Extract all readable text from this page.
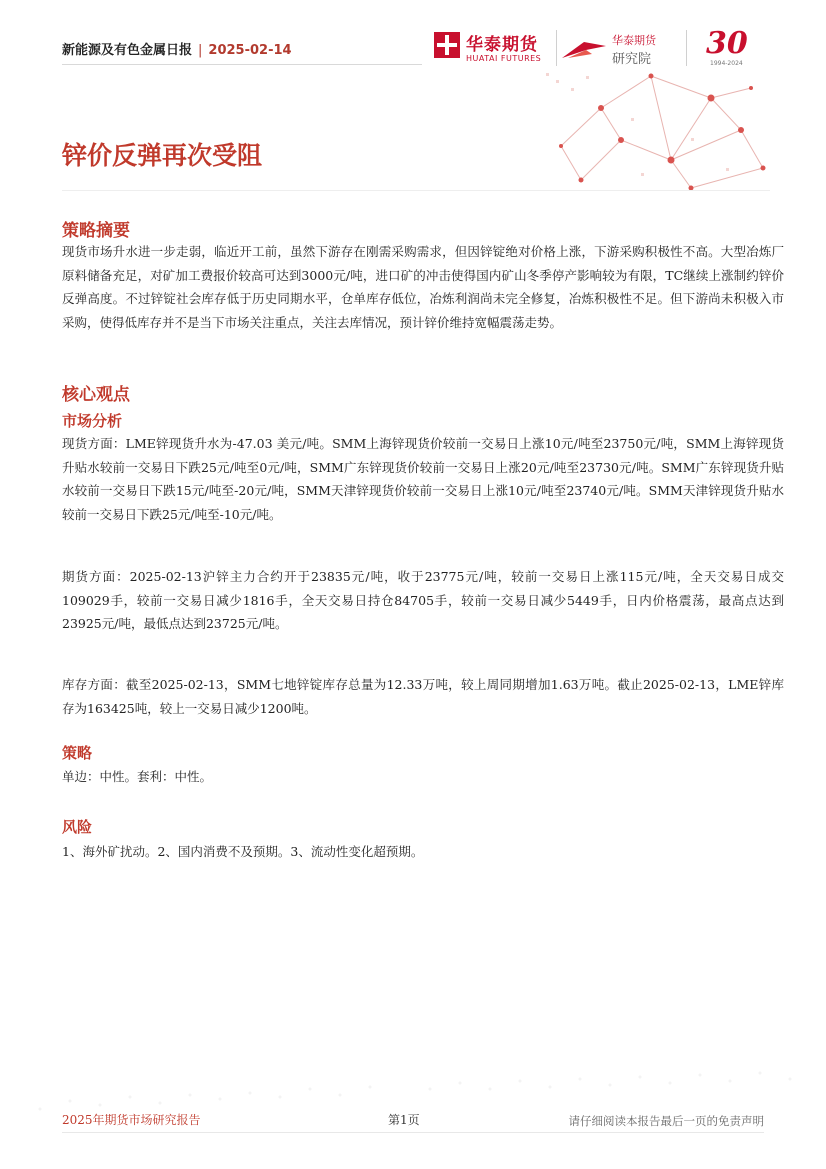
新能源及有色金属日报 | 2025-02-14	华泰期货
HUATAI FUTURES
华泰期货
研究院 30
1994-2024
锌价反弹再次受阻
策略摘要
现货市场升水进一步走弱，临近开工前，虽然下游存在刚需采购需求，但因锌锭绝对价格上涨，下游采购积极性不高。大型冶炼厂原料储备充足，对矿加工费报价较高可达到3000元/吨，进口矿的冲击使得国内矿山冬季停产影响较为有限，TC继续上涨制约锌价反弹高度。不过锌锭社会库存低于历史同期水平，仓单库存低位，冶炼利润尚未完全修复，冶炼积极性不足。但下游尚未积极入市采购，使得低库存并不是当下市场关注重点，关注去库情况，预计锌价维持宽幅震荡走势。
核心观点
市场分析
现货方面：LME锌现货升水为-47.03 美元/吨。SMM上海锌现货价较前一交易日上涨10元/吨至23750元/吨，SMM上海锌现货升贴水较前一交易日下跌25元/吨至0元/吨，SMM广东锌现货价较前一交易日上涨20元/吨至23730元/吨。SMM广东锌现货升贴水较前一交易日下跌15元/吨至-20元/吨，SMM天津锌现货价较前一交易日上涨10元/吨至23740元/吨。SMM天津锌现货升贴水较前一交易日下跌25元/吨至-10元/吨。
期货方面：2025-02-13沪锌主力合约开于23835元/吨，收于23775元/吨，较前一交易日上涨115元/吨，全天交易日成交109029手，较前一交易日减少1816手，全天交易日持仓84705手，较前一交易日减少5449手，日内价格震荡，最高点达到23925元/吨，最低点达到23725元/吨。
库存方面：截至2025-02-13，SMM七地锌锭库存总量为12.33万吨，较上周同期增加1.63万吨。截止2025-02-13，LME锌库存为163425吨，较上一交易日减少1200吨。
策略
单边：中性。套利：中性。
风险
1、海外矿扰动。2、国内消费不及预期。3、流动性变化超预期。
2025年期货市场研究报告	第1页	请仔细阅读本报告最后一页的免责声明
